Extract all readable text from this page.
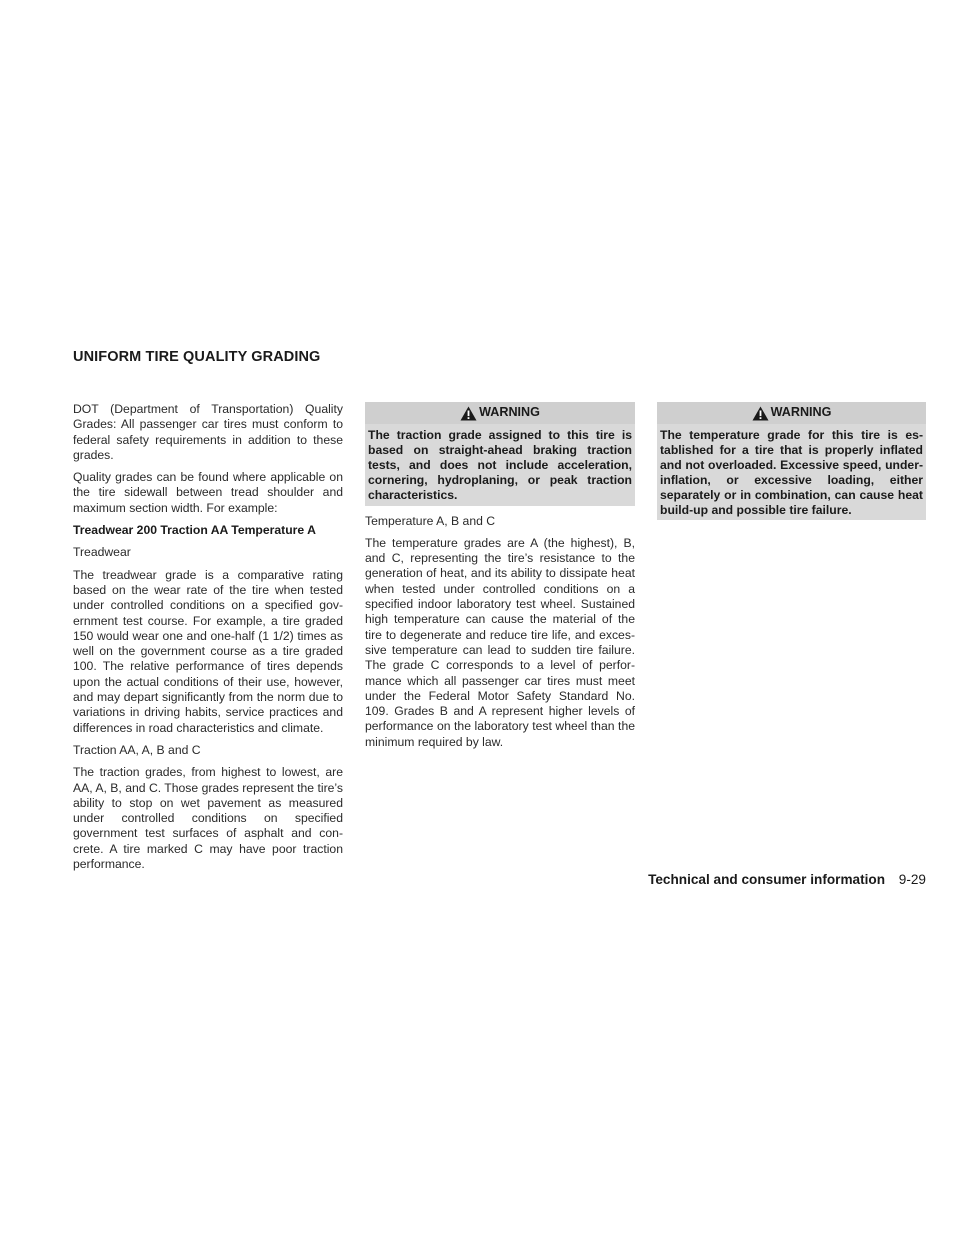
UNIFORM TIRE QUALITY GRADING

DOT (Department of Transportation) Quality Grades: All passenger car tires must conform to federal safety requirements in addition to these grades.

Quality grades can be found where applicable on the tire sidewall between tread shoulder and maximum section width. For example:

Treadwear 200 Traction AA Temperature A

Treadwear

The treadwear grade is a comparative rating based on the wear rate of the tire when tested under controlled conditions on a specified government test course. For example, a tire graded 150 would wear one and one-half (1 1/2) times as well on the government course as a tire graded 100. The relative performance of tires depends upon the actual conditions of their use, however, and may depart significantly from the norm due to variations in driving habits, service practices and differences in road characteristics and climate.

Traction AA, A, B and C

The traction grades, from highest to lowest, are AA, A, B, and C. Those grades represent the tire’s ability to stop on wet pavement as measured under controlled conditions on specified government test surfaces of asphalt and concrete. A tire marked C may have poor traction performance.

WARNING
The traction grade assigned to this tire is based on straight-ahead braking traction tests, and does not include acceleration, cornering, hydroplaning, or peak traction characteristics.

Temperature A, B and C

The temperature grades are A (the highest), B, and C, representing the tire’s resistance to the generation of heat, and its ability to dissipate heat when tested under controlled conditions on a specified indoor laboratory test wheel. Sustained high temperature can cause the material of the tire to degenerate and reduce tire life, and excessive temperature can lead to sudden tire failure. The grade C corresponds to a level of performance which all passenger car tires must meet under the Federal Motor Safety Standard No. 109. Grades B and A represent higher levels of performance on the laboratory test wheel than the minimum required by law.

WARNING
The temperature grade for this tire is established for a tire that is properly inflated and not overloaded. Excessive speed, under-inflation, or excessive loading, either separately or in combination, can cause heat build-up and possible tire failure.
Technical and consumer information 9-29
